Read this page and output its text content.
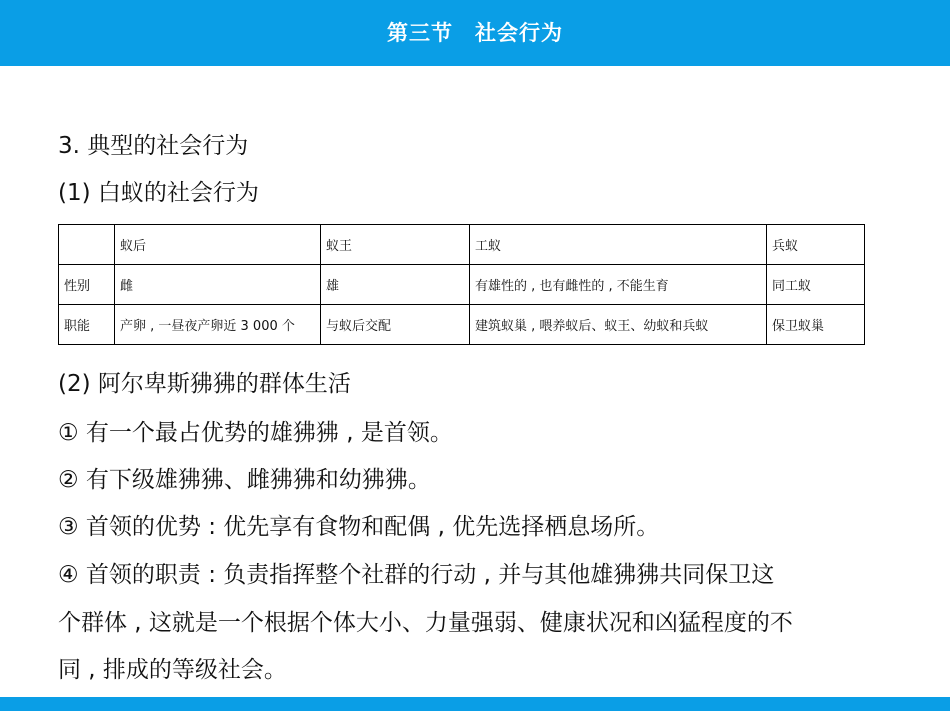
第三节　社会行为
3. 典型的社会行为
(1) 白蚁的社会行为
	蚁后	蚁王	工蚁	兵蚁
性别	雌	雄	有雄性的 , 也有雌性的 , 不能生育	同工蚁
职能	产卵 , 一昼夜产卵近 3 000 个	与蚁后交配	建筑蚁巢 , 喂养蚁后、蚁王、幼蚁和兵蚁	保卫蚁巢
(2) 阿尔卑斯狒狒的群体生活
① 有一个最占优势的雄狒狒 , 是首领。
② 有下级雄狒狒、雌狒狒和幼狒狒。
③ 首领的优势 : 优先享有食物和配偶 , 优先选择栖息场所。
④ 首领的职责 : 负责指挥整个社群的行动 , 并与其他雄狒狒共同保卫这
个群体 , 这就是一个根据个体大小、力量强弱、健康状况和凶猛程度的不
同 , 排成的等级社会。
